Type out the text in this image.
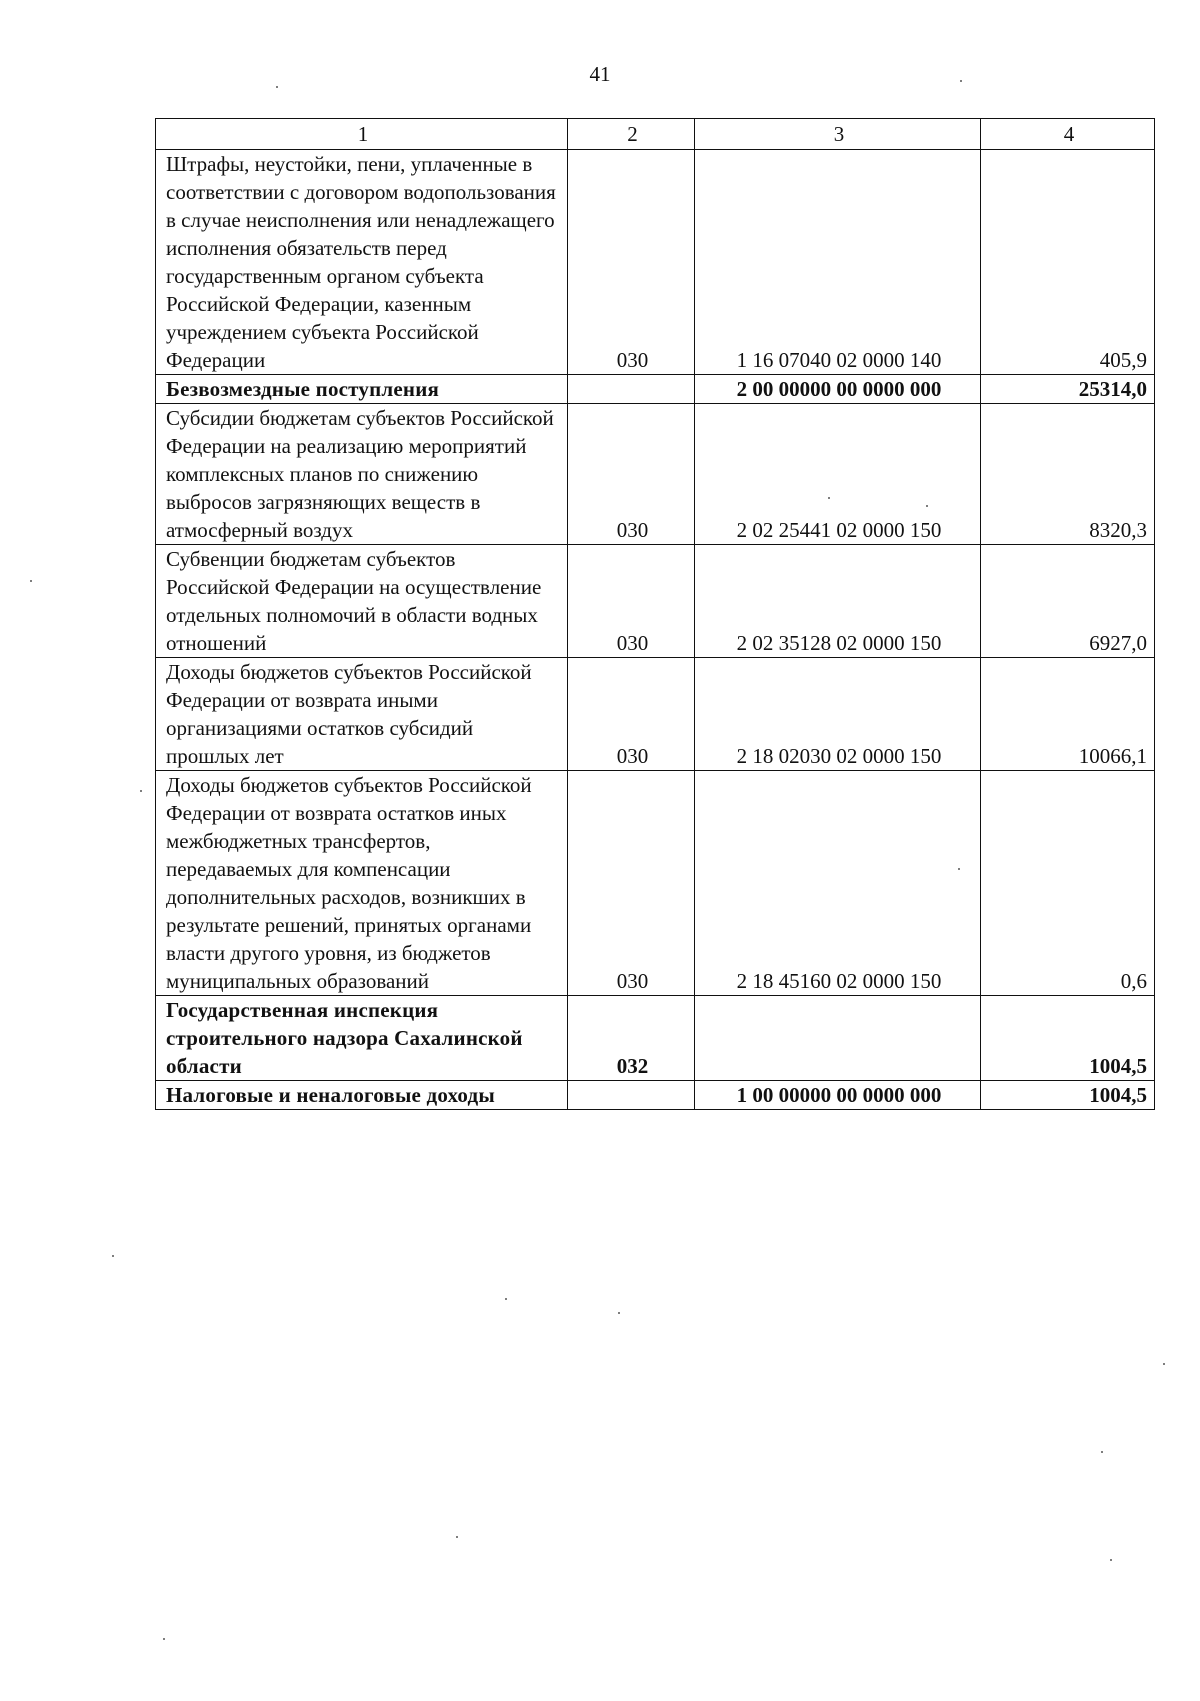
41
1	2	3	4
Штрафы, неустойки, пени, уплаченные в соответствии с договором водопользования в случае неисполнения или ненадлежащего исполнения обязательств перед государственным органом субъекта Российской Федерации, казенным учреждением субъекта Российской Федерации	030	1 16 07040 02 0000 140	405,9
Безвозмездные поступления		2 00 00000 00 0000 000	25314,0
Субсидии бюджетам субъектов Российской Федерации на реализацию мероприятий комплексных планов по снижению выбросов загрязняющих веществ в атмосферный воздух	030	2 02 25441 02 0000 150	8320,3
Субвенции бюджетам субъектов Российской Федерации на осуществление отдельных полномочий в области водных отношений	030	2 02 35128 02 0000 150	6927,0
Доходы бюджетов субъектов Российской Федерации от возврата иными организациями остатков субсидий прошлых лет	030	2 18 02030 02 0000 150	10066,1
Доходы бюджетов субъектов Российской Федерации от возврата остатков иных межбюджетных трансфертов, передаваемых для компенсации дополнительных расходов, возникших в результате решений, принятых органами власти другого уровня, из бюджетов муниципальных образований	030	2 18 45160 02 0000 150	0,6
Государственная инспекция строительного надзора Сахалинской области	032		1004,5
Налоговые и неналоговые доходы		1 00 00000 00 0000 000	1004,5
